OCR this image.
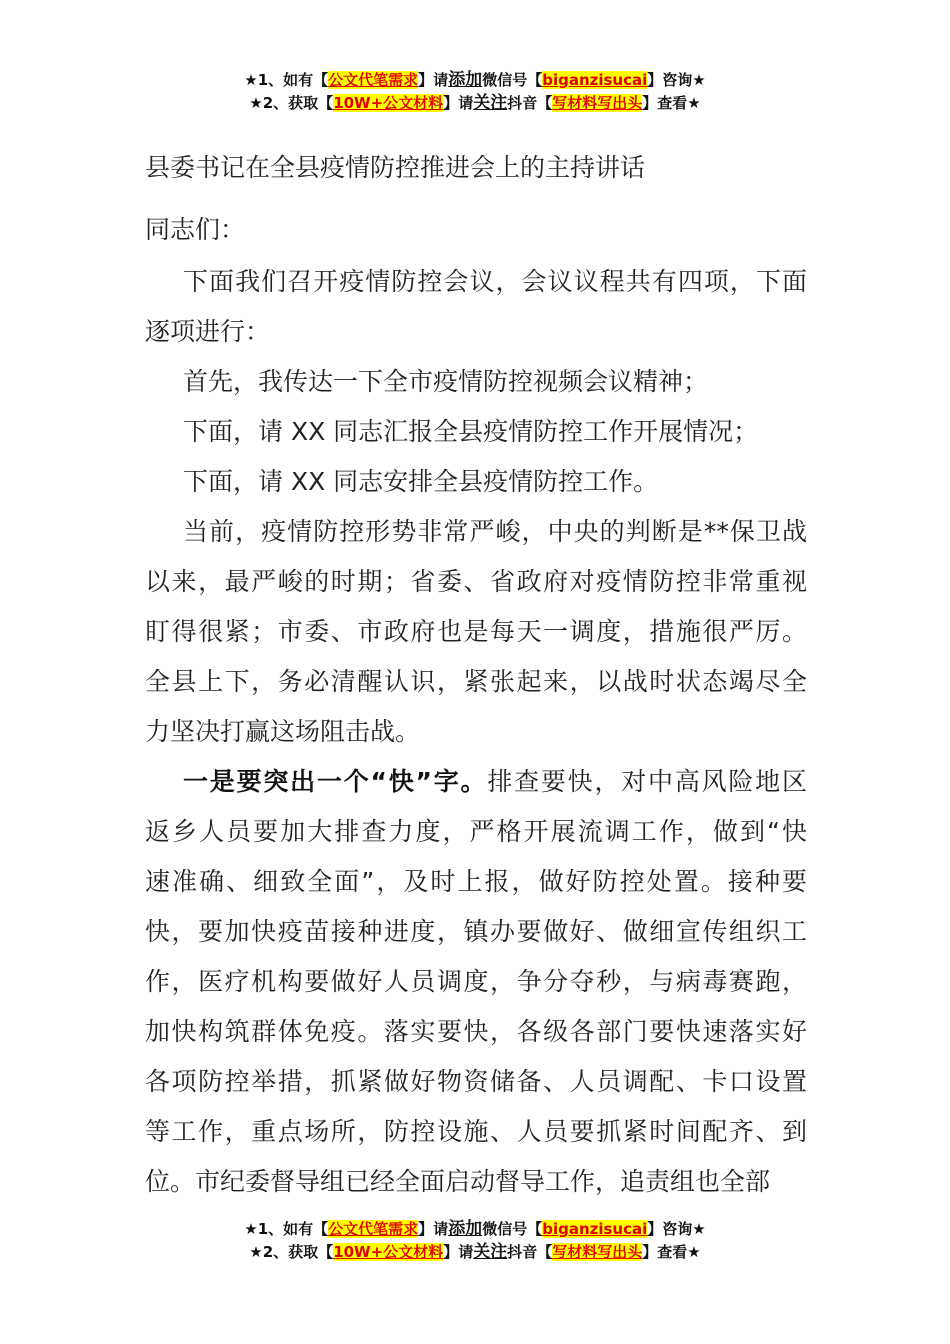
★1、如有【公文代笔需求】请添加微信号【biganzisucai】咨询★
★2、获取【10W+公文材料】请关注抖音【写材料写出头】查看★
县委书记在全县疫情防控推进会上的主持讲话
同志们：
下面我们召开疫情防控会议，会议议程共有四项，下面
逐项进行：
首先，我传达一下全市疫情防控视频会议精神；
下面，请 XX 同志汇报全县疫情防控工作开展情况；
下面，请 XX 同志安排全县疫情防控工作。
当前，疫情防控形势非常严峻，中央的判断是**保卫战
以来，最严峻的时期；省委、省政府对疫情防控非常重视
盯得很紧；市委、市政府也是每天一调度，措施很严厉。
全县上下，务必清醒认识，紧张起来，以战时状态竭尽全
力坚决打赢这场阻击战。
一是要突出一个“快”字。排查要快，对中高风险地区
返乡人员要加大排查力度，严格开展流调工作，做到“快
速准确、细致全面”，及时上报，做好防控处置。接种要
快，要加快疫苗接种进度，镇办要做好、做细宣传组织工
作，医疗机构要做好人员调度，争分夺秒，与病毒赛跑，
加快构筑群体免疫。落实要快，各级各部门要快速落实好
各项防控举措，抓紧做好物资储备、人员调配、卡口设置
等工作，重点场所，防控设施、人员要抓紧时间配齐、到
位。市纪委督导组已经全面启动督导工作，追责组也全部
★1、如有【公文代笔需求】请添加微信号【biganzisucai】咨询★
★2、获取【10W+公文材料】请关注抖音【写材料写出头】查看★
